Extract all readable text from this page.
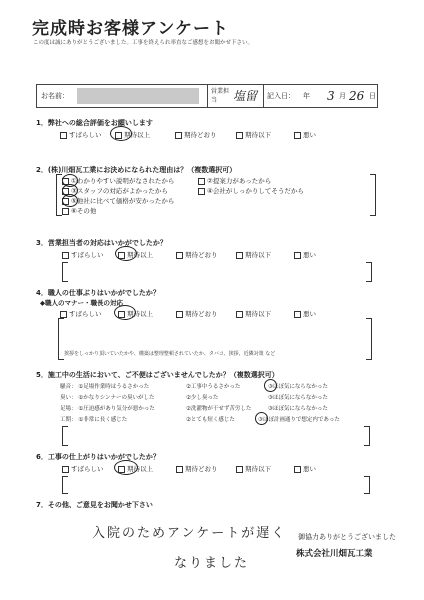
完成時お客様アンケート
この度は誠にありがとうございました。工事を終えられ率直なご感想をお聞かせ下さい。
お名前：
営業担当	塩留 記入日： 年 3 月 26 日
1．弊社への総合評価をお願いします
すばらしい	期待以上	期待どおり	期待以下	悪い
2．(株)川畑瓦工業にお決めになられた理由は？（複数選択可）
①わかりやすい説明がなされたから
③スタッフの対応がよかったから
⑤他社に比べて価格が安かったから
⑥その他
②提案力があったから
④会社がしっかりしてそうだから
3．営業担当者の対応はいかがでしたか？
すばらしい	期待以上	期待どおり	期待以下	悪い
4．職人の仕事ぶりはいかがでしたか？
◆職人のマナー・職長の対応
すばらしい	期待以上	期待どおり	期待以下	悪い
挨拶をしっかり頂いていたかや、構築は整理整頓されていたか、タバコ、挨拶、近隣対策 など
5．施工中の生活において、ご不便はございませんでしたか？（複数選択可）
騒音： ①足場作業時はうるさかった	②工事中うるさかった	③ほぼ気にならなかった
臭い： ①かなりシンナーの臭いがした	②少し臭った	③ほぼ気にならなかった
足場： ①圧迫感があり気分が悪かった	②洗濯物が干せず苦労した	③ほぼ気にならなかった
工期： ①非常に長く感じた	②とても短く感じた	③ほぼ計画通りで想定内であった
6．工事の仕上がりはいかがでしたか？
すばらしい	期待以上	期待どおり	期待以下	悪い
7．その他、ご意見をお聞かせ下さい
入院のためアンケートが遅く
なりました
御協力ありがとうございました
株式会社川畑瓦工業
